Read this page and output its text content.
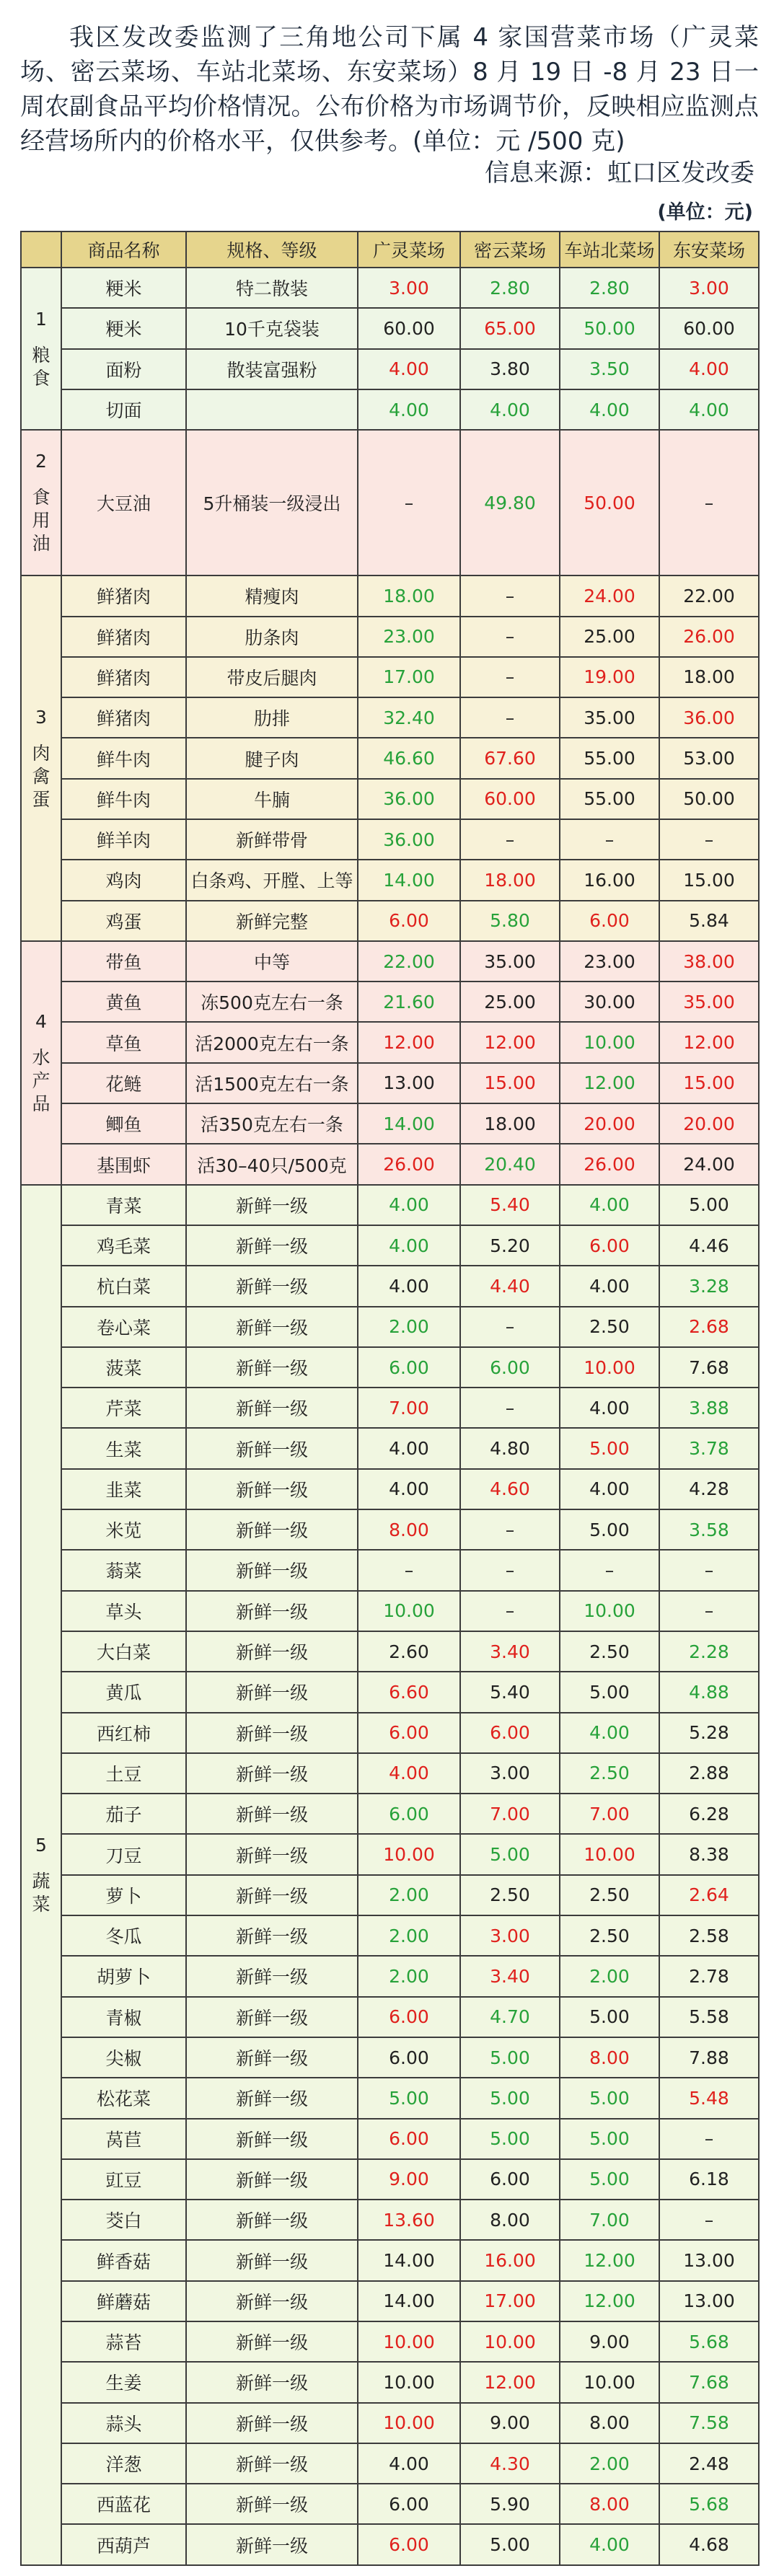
我区发改委监测了三角地公司下属 4 家国营菜市场（广灵菜场、密云菜场、车站北菜场、东安菜场）8 月 19 日 -8 月 23 日一周农副食品平均价格情况。公布价格为市场调节价，反映相应监测点经营场所内的价格水平，仅供参考。(单位：元 /500 克)

信息来源：虹口区发改委
(单位：元)
	商品名称	规格、等级	广灵菜场	密云菜场	车站北菜场	东安菜场

1
粮
食	粳米	特二散装	3.00	2.80	2.80	3.00
	粳米	10千克袋装	60.00	65.00	50.00	60.00
	面粉	散装富强粉	4.00	3.80	3.50	4.00
	切面		4.00	4.00	4.00	4.00

2
食
用
油	大豆油	5升桶装一级浸出	–	49.80	50.00	–

3
肉
禽
蛋	鲜猪肉	精瘦肉	18.00	–	24.00	22.00
	鲜猪肉	肋条肉	23.00	–	25.00	26.00
	鲜猪肉	带皮后腿肉	17.00	–	19.00	18.00
	鲜猪肉	肋排	32.40	–	35.00	36.00
	鲜牛肉	腱子肉	46.60	67.60	55.00	53.00
	鲜牛肉	牛腩	36.00	60.00	55.00	50.00
	鲜羊肉	新鲜带骨	36.00	–	–	–
	鸡肉	白条鸡、开膛、上等	14.00	18.00	16.00	15.00
	鸡蛋	新鲜完整	6.00	5.80	6.00	5.84

4
水
产
品	带鱼	中等	22.00	35.00	23.00	38.00
	黄鱼	冻500克左右一条	21.60	25.00	30.00	35.00
	草鱼	活2000克左右一条	12.00	12.00	10.00	12.00
	花鲢	活1500克左右一条	13.00	15.00	12.00	15.00
	鲫鱼	活350克左右一条	14.00	18.00	20.00	20.00
	基围虾	活30–40只/500克	26.00	20.40	26.00	24.00

5
蔬
菜	青菜	新鲜一级	4.00	5.40	4.00	5.00
	鸡毛菜	新鲜一级	4.00	5.20	6.00	4.46
	杭白菜	新鲜一级	4.00	4.40	4.00	3.28
	卷心菜	新鲜一级	2.00	–	2.50	2.68
	菠菜	新鲜一级	6.00	6.00	10.00	7.68
	芹菜	新鲜一级	7.00	–	4.00	3.88
	生菜	新鲜一级	4.00	4.80	5.00	3.78
	韭菜	新鲜一级	4.00	4.60	4.00	4.28
	米苋	新鲜一级	8.00	–	5.00	3.58
	蓊菜	新鲜一级	–	–	–	–
	草头	新鲜一级	10.00	–	10.00	–
	大白菜	新鲜一级	2.60	3.40	2.50	2.28
	黄瓜	新鲜一级	6.60	5.40	5.00	4.88
	西红柿	新鲜一级	6.00	6.00	4.00	5.28
	土豆	新鲜一级	4.00	3.00	2.50	2.88
	茄子	新鲜一级	6.00	7.00	7.00	6.28
	刀豆	新鲜一级	10.00	5.00	10.00	8.38
	萝卜	新鲜一级	2.00	2.50	2.50	2.64
	冬瓜	新鲜一级	2.00	3.00	2.50	2.58
	胡萝卜	新鲜一级	2.00	3.40	2.00	2.78
	青椒	新鲜一级	6.00	4.70	5.00	5.58
	尖椒	新鲜一级	6.00	5.00	8.00	7.88
	松花菜	新鲜一级	5.00	5.00	5.00	5.48
	莴苣	新鲜一级	6.00	5.00	5.00	–
	豇豆	新鲜一级	9.00	6.00	5.00	6.18
	茭白	新鲜一级	13.60	8.00	7.00	–
	鲜香菇	新鲜一级	14.00	16.00	12.00	13.00
	鲜蘑菇	新鲜一级	14.00	17.00	12.00	13.00
	蒜苔	新鲜一级	10.00	10.00	9.00	5.68
	生姜	新鲜一级	10.00	12.00	10.00	7.68
	蒜头	新鲜一级	10.00	9.00	8.00	7.58
	洋葱	新鲜一级	4.00	4.30	2.00	2.48
	西蓝花	新鲜一级	6.00	5.90	8.00	5.68
	西葫芦	新鲜一级	6.00	5.00	4.00	4.68
